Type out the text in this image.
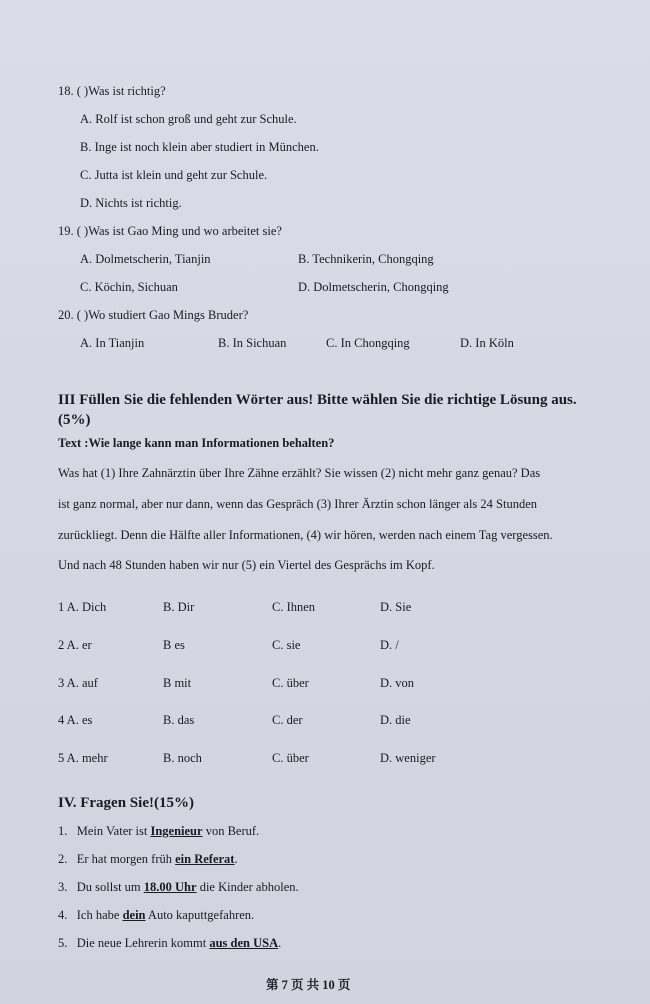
18. ( )Was ist richtig?
A. Rolf ist schon groß und geht zur Schule.
B. Inge ist noch klein aber studiert in München.
C. Jutta ist klein und geht zur Schule.
D. Nichts ist richtig.
19. ( )Was ist Gao Ming und wo arbeitet sie?
A. Dolmetscherin, Tianjin	B. Technikerin, Chongqing
C. Köchin, Sichuan	D. Dolmetscherin, Chongqing
20. ( )Wo studiert Gao Mings Bruder?
A. In Tianjin	B. In Sichuan	C. In Chongqing	D. In Köln
III Füllen Sie die fehlenden Wörter aus! Bitte wählen Sie die richtige Lösung aus.
(5%)
Text :Wie lange kann man Informationen behalten?
Was hat (1) Ihre Zahnärztin über Ihre Zähne erzählt? Sie wissen (2) nicht mehr ganz genau? Das
ist ganz normal, aber nur dann, wenn das Gespräch (3) Ihrer Ärztin schon länger als 24 Stunden
zurückliegt. Denn die Hälfte aller Informationen, (4) wir hören, werden nach einem Tag vergessen.
Und nach 48 Stunden haben wir nur (5) ein Viertel des Gesprächs im Kopf.
1 A. Dich	B. Dir	C. Ihnen	D. Sie
2 A. er	B es	C. sie	D. /
3 A. auf	B mit	C. über	D. von
4 A. es	B. das	C. der	D. die
5 A. mehr	B. noch	C. über	D. weniger
IV. Fragen Sie!(15%)
1. Mein Vater ist Ingenieur von Beruf.
2. Er hat morgen früh ein Referat.
3. Du sollst um 18.00 Uhr die Kinder abholen.
4. Ich habe dein Auto kaputtgefahren.
5. Die neue Lehrerin kommt aus den USA.
第 7 页 共 10 页
